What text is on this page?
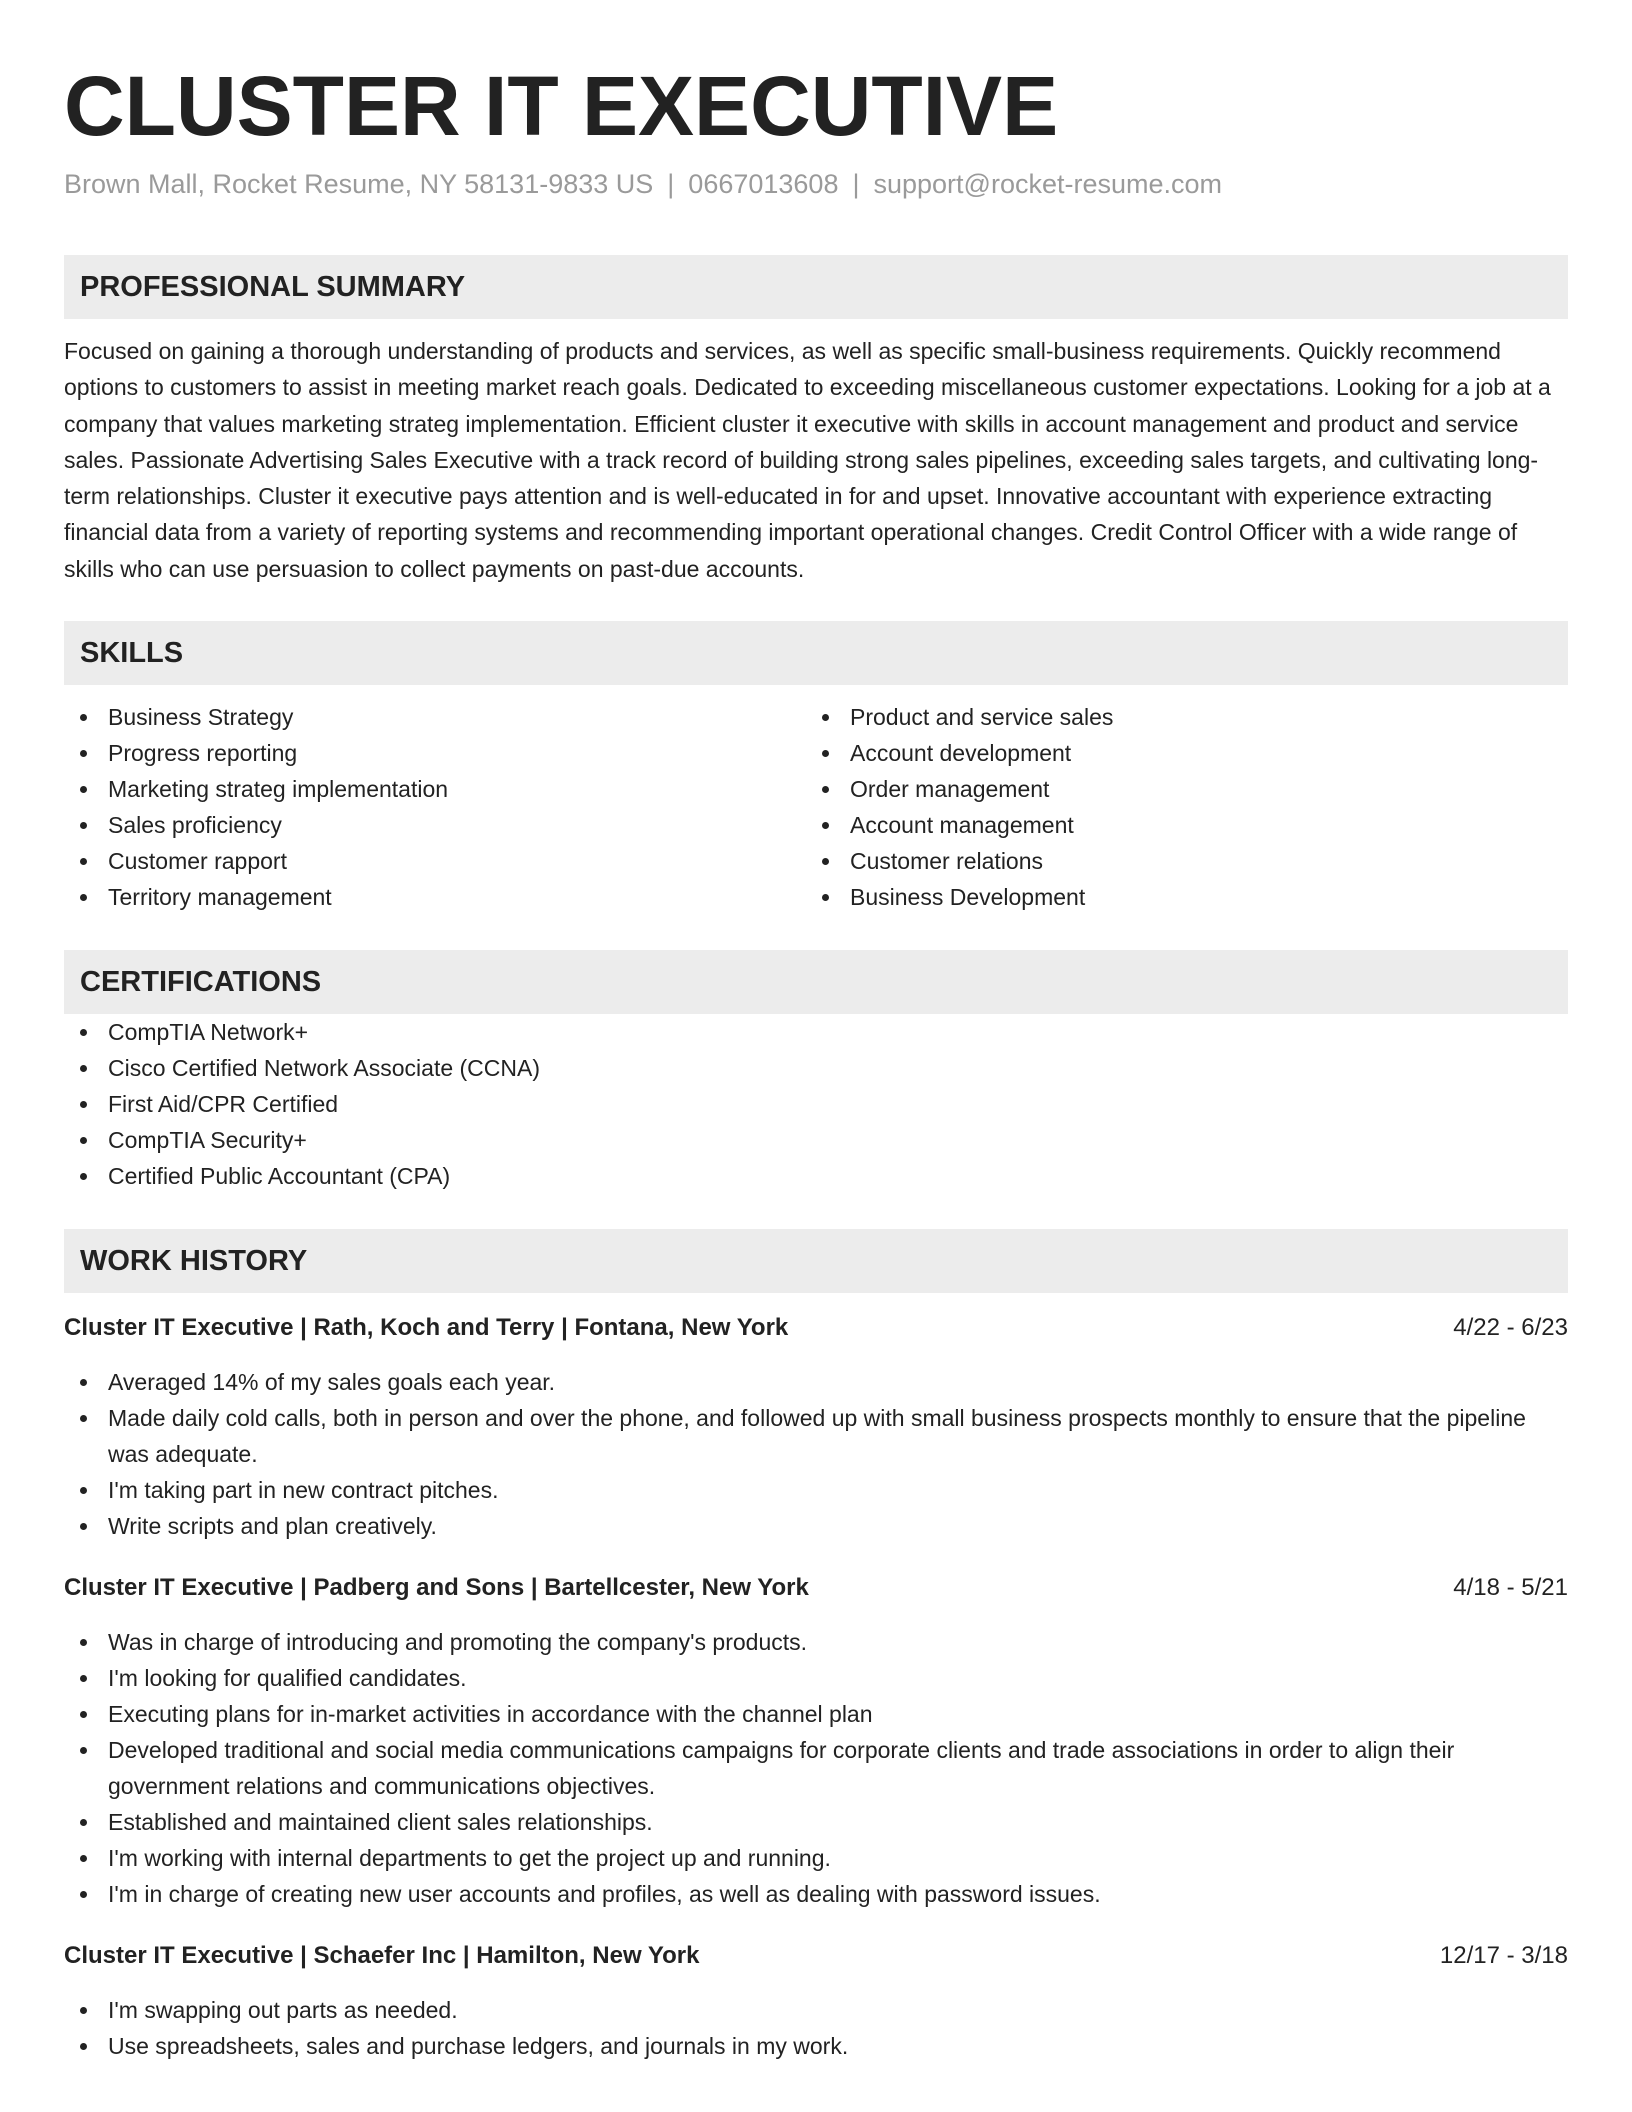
CLUSTER IT EXECUTIVE
Brown Mall, Rocket Resume, NY 58131-9833 US | 0667013608 | support@rocket-resume.com
PROFESSIONAL SUMMARY
Focused on gaining a thorough understanding of products and services, as well as specific small-business requirements. Quickly recommend options to customers to assist in meeting market reach goals. Dedicated to exceeding miscellaneous customer expectations. Looking for a job at a company that values marketing strateg implementation. Efficient cluster it executive with skills in account management and product and service sales. Passionate Advertising Sales Executive with a track record of building strong sales pipelines, exceeding sales targets, and cultivating long-term relationships. Cluster it executive pays attention and is well-educated in for and upset. Innovative accountant with experience extracting financial data from a variety of reporting systems and recommending important operational changes. Credit Control Officer with a wide range of skills who can use persuasion to collect payments on past-due accounts.
SKILLS
Business Strategy
Progress reporting
Marketing strateg implementation
Sales proficiency
Customer rapport
Territory management
Product and service sales
Account development
Order management
Account management
Customer relations
Business Development
CERTIFICATIONS
CompTIA Network+
Cisco Certified Network Associate (CCNA)
First Aid/CPR Certified
CompTIA Security+
Certified Public Accountant (CPA)
WORK HISTORY
Cluster IT Executive | Rath, Koch and Terry | Fontana, New York	4/22 - 6/23
Averaged 14% of my sales goals each year.
Made daily cold calls, both in person and over the phone, and followed up with small business prospects monthly to ensure that the pipeline was adequate.
I'm taking part in new contract pitches.
Write scripts and plan creatively.
Cluster IT Executive | Padberg and Sons | Bartellcester, New York	4/18 - 5/21
Was in charge of introducing and promoting the company's products.
I'm looking for qualified candidates.
Executing plans for in-market activities in accordance with the channel plan
Developed traditional and social media communications campaigns for corporate clients and trade associations in order to align their government relations and communications objectives.
Established and maintained client sales relationships.
I'm working with internal departments to get the project up and running.
I'm in charge of creating new user accounts and profiles, as well as dealing with password issues.
Cluster IT Executive | Schaefer Inc | Hamilton, New York	12/17 - 3/18
I'm swapping out parts as needed.
Use spreadsheets, sales and purchase ledgers, and journals in my work.
